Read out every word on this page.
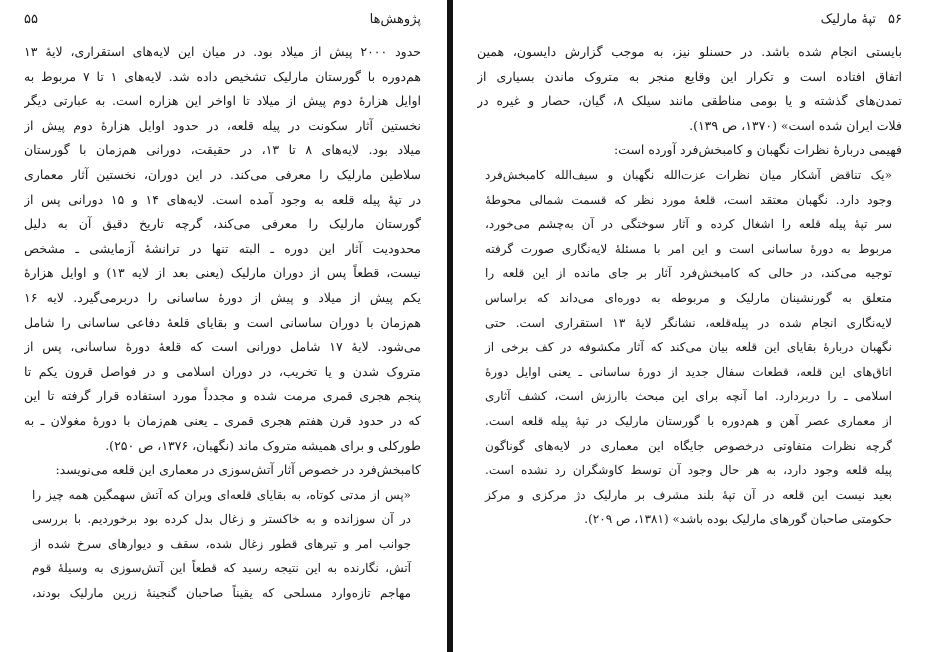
۵۵	پژوهش‌ها
حدود ۲۰۰۰ پیش از میلاد بود. در میان این لایه‌های استقراری، لایهٔ ۱۳
هم‌دوره با گورستان مارلیک تشخیص داده شد. لایه‌های ۱ تا ۷ مربوط به
اوایل هزارهٔ دوم پیش از میلاد تا اواخر این هزاره است. به عبارتی دیگر
نخستین آثار سکونت در پیله قلعه، در حدود اوایل هزارهٔ دوم پیش از
میلاد بود. لایه‌های ۸ تا ۱۳، در حقیقت، دورانی هم‌زمان با گورستان
سلاطین مارلیک را معرفی می‌کند. در این دوران، نخستین آثار معماری
در تپهٔ پیله قلعه به وجود آمده است. لایه‌های ۱۴ و ۱۵ دورانی پس از
گورستان مارلیک را معرفی می‌کند، گرچه تاریخ دقیق آن به دلیل
محدودیت آثار این دوره ـ البته تنها در ترانشهٔ آزمایشی ـ مشخص
نیست، قطعاً پس از دوران مارلیک (یعنی بعد از لایه ۱۳) و اوایل هزارهٔ
یکم پیش از میلاد و پیش از دورهٔ ساسانی را دربرمی‌گیرد. لایه ۱۶
هم‌زمان با دوران ساسانی است و بقایای قلعهٔ دفاعی ساسانی را شامل
می‌شود. لایهٔ ۱۷ شامل دورانی است که قلعهٔ دورهٔ ساسانی، پس از
متروک شدن و یا تخریب، در دوران اسلامی و در فواصل قرون یکم تا
پنجم هجری قمری مرمت شده و مجدداً مورد استفاده قرار گرفته تا این
که در حدود قرن هفتم هجری قمری ـ یعنی هم‌زمان با دورهٔ مغولان ـ به
طورکلی و برای همیشه متروک ماند (نگهبان، ۱۳۷۶، ص ۲۵۰).
کامبخش‌فرد در خصوص آثار آتش‌سوزی در معماری این قلعه می‌نویسد:
«پس از مدتی کوتاه، به بقایای قلعه‌ای ویران که آتش سهمگین همه چیز را
در آن سوزانده و به خاکستر و زغال بدل کرده بود برخوردیم. با بررسی
جوانب امر و تیرهای قطور زغال شده، سقف و دیوارهای سرخ شده از
آتش، نگارنده به این نتیجه رسید که قطعاً این آتش‌سوزی به وسیلهٔ قوم
مهاجم تازه‌وارد مسلحی که یقیناً صاحبان گنجینهٔ زرین مارلیک بودند،
تپهٔ مارلیک ۵۶
بایستی انجام شده باشد. در حسنلو نیز، به موجب گزارش دایسون، همین
اتفاق افتاده است و تکرار این وقایع منجر به متروک ماندن بسیاری از
تمدن‌های گذشته و یا بومی مناطقی مانند سیلک ۸، گیان، حصار و غیره در
فلات ایران شده است» (۱۳۷۰، ص ۱۳۹).
فهیمی دربارهٔ نظرات نگهبان و کامبخش‌فرد آورده است:
«یک تناقض آشکار میان نظرات عزت‌الله نگهبان و سیف‌الله کامبخش‌فرد
وجود دارد. نگهبان معتقد است، قلعهٔ مورد نظر که قسمت شمالی محوطهٔ
سر تپهٔ پیله قلعه را اشغال کرده و آثار سوختگی در آن به‌چشم می‌خورد،
مربوط به دورهٔ ساسانی است و این امر با مسئلهٔ لایه‌نگاری صورت گرفته
توجیه می‌کند، در حالی که کامبخش‌فرد آثار بر جای مانده از این قلعه را
متعلق به گورنشینان مارلیک و مربوطه به دوره‌ای می‌داند که براساس
لایه‌نگاری انجام شده در پیله‌قلعه، نشانگر لایهٔ ۱۳ استقراری است. حتی
نگهبان دربارهٔ بقایای این قلعه بیان می‌کند که آثار مکشوفه در کف برخی از
اتاق‌های این قلعه، قطعات سفال جدید از دورهٔ ساسانی ـ یعنی اوایل دورهٔ
اسلامی ـ را دربردارد. اما آنچه برای این مبحث باارزش است، کشف آثاری
از معماری عصر آهن و هم‌دوره با گورستان مارلیک در تپهٔ پیله قلعه است.
گرچه نظرات متفاوتی درخصوص جایگاه این معماری در لایه‌های گوناگون
پیله قلعه وجود دارد، به هر حال وجود آن توسط کاوشگران رد نشده است.
بعید نیست این قلعه در آن تپهٔ بلند مشرف بر مارلیک دژ مرکزی و مرکز
حکومتی صاحبان گورهای مارلیک بوده باشد» (۱۳۸۱، ص ۲۰۹).
